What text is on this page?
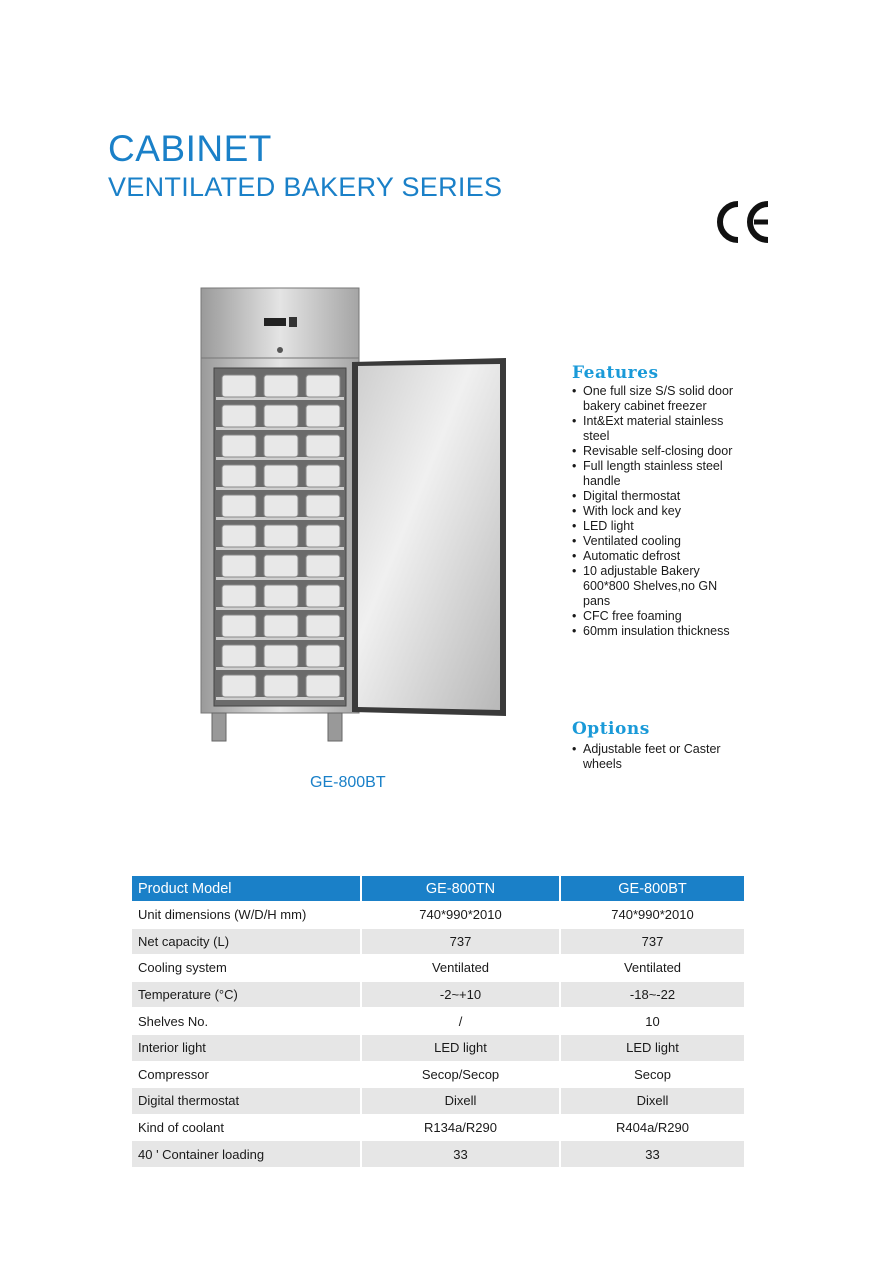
CABINET
VENTILATED BAKERY SERIES
GE-800BT
Features
• One full size S/S solid door bakery cabinet freezer
• Int&Ext material stainless steel
• Revisable self-closing door
• Full length stainless steel handle
• Digital thermostat
• With lock and key
• LED light
• Ventilated cooling
• Automatic defrost
• 10 adjustable Bakery 600*800 Shelves,no GN pans
• CFC free foaming
• 60mm insulation thickness
Options
• Adjustable feet or Caster wheels
Product Model	GE-800TN	GE-800BT
Unit dimensions (W/D/H mm)	740*990*2010	740*990*2010
Net capacity (L)	737	737
Cooling system	Ventilated	Ventilated
Temperature (°C)	-2~+10	-18~-22
Shelves No.	/	10
Interior light	LED light	LED light
Compressor	Secop/Secop	Secop
Digital thermostat	Dixell	Dixell
Kind of coolant	R134a/R290	R404a/R290
40 ' Container loading	33	33
